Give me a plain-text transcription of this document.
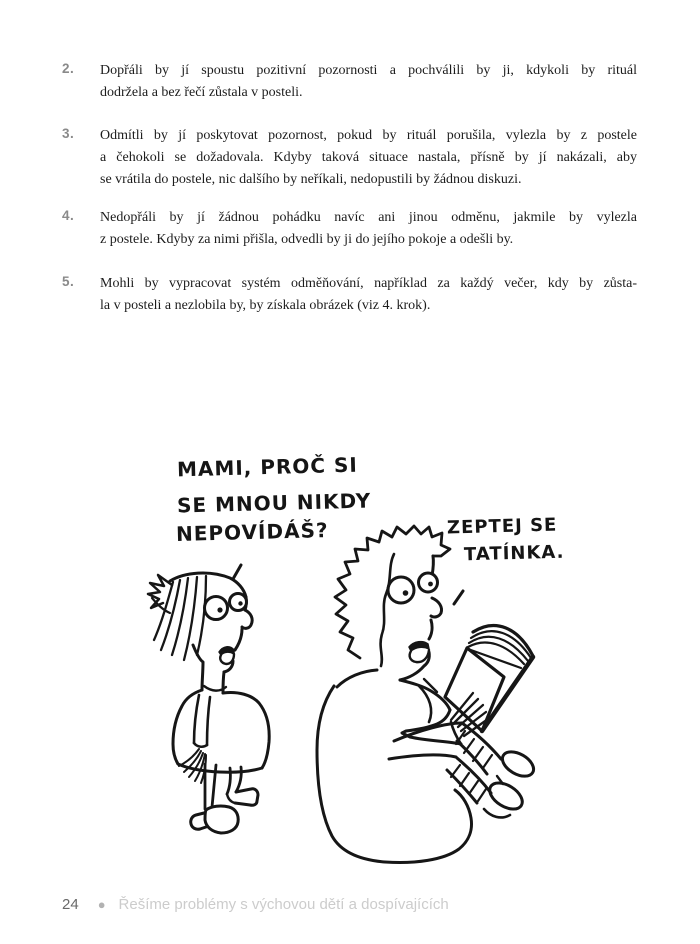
2. Dopřáli by jí spoustu pozitivní pozornosti a pochválili by ji, kdykoli by rituál
dodržela a bez řečí zůstala v posteli.
3. Odmítli by jí poskytovat pozornost, pokud by rituál porušila, vylezla by z postele
a čehokoli se dožadovala. Kdyby taková situace nastala, přísně by jí nakázali, aby
se vrátila do postele, nic dalšího by neříkali, nedopustili by žádnou diskuzi.
4. Nedopřáli by jí žádnou pohádku navíc ani jinou odměnu, jakmile by vylezla
z postele. Kdyby za nimi přišla, odvedli by ji do jejího pokoje a odešli by.
5. Mohli by vypracovat systém odměňování, například za každý večer, kdy by zůsta-
la v posteli a nezlobila by, by získala obrázek (viz 4. krok).
MAMI, PROČ SI
SE MNOU NIKDY
NEPOVÍDÁŠ?	ZEPTEJ SE
TATÍNKA.
24 ● Řešíme problémy s výchovou dětí a dospívajících
